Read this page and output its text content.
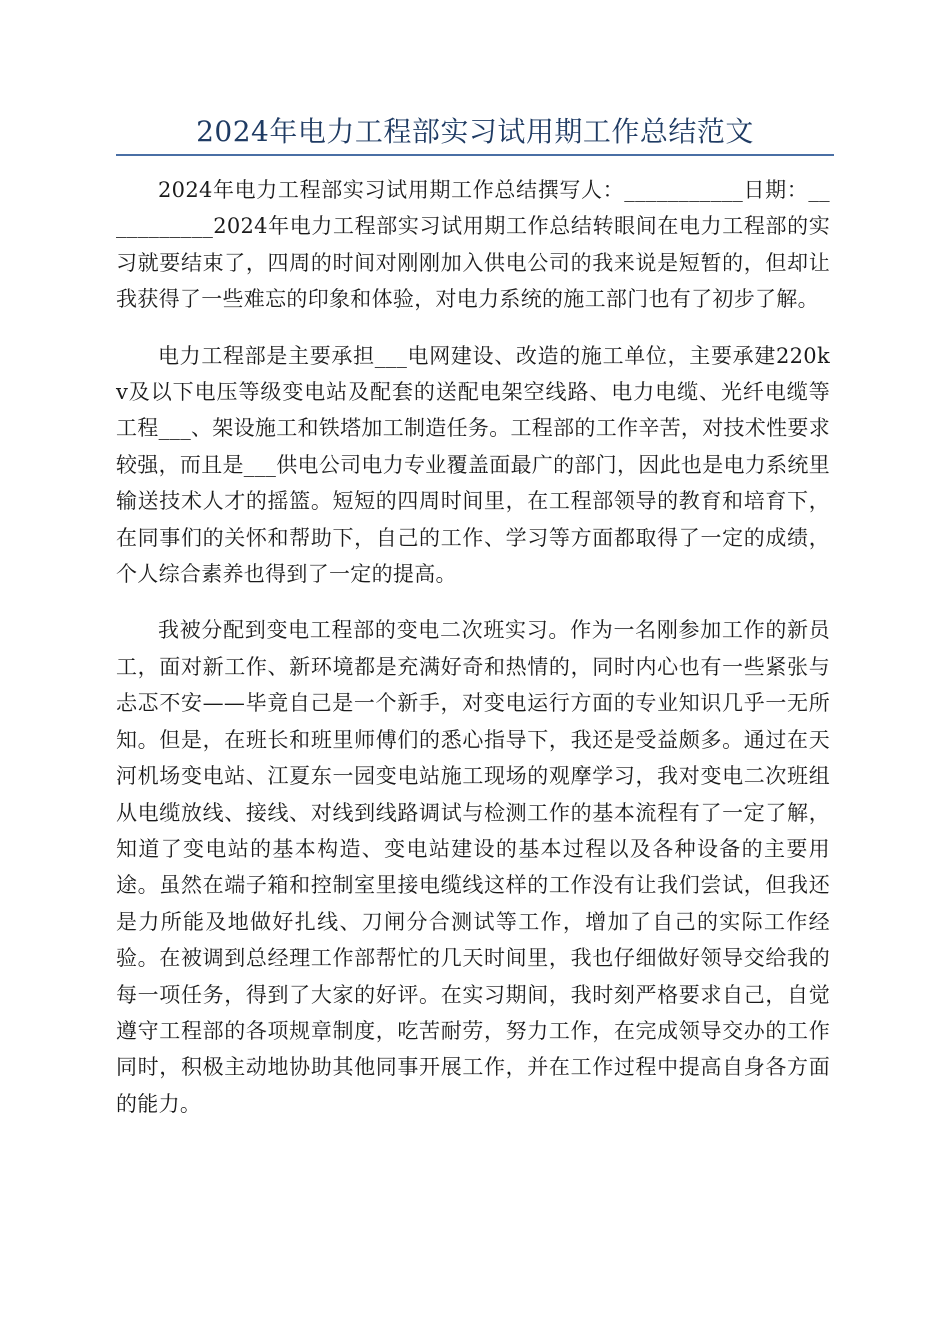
2024年电力工程部实习试用期工作总结范文

2024年电力工程部实习试用期工作总结撰写人：___________日期：___________2024年电力工程部实习试用期工作总结转眼间在电力工程部的实习就要结束了，四周的时间对刚刚加入供电公司的我来说是短暂的，但却让我获得了一些难忘的印象和体验，对电力系统的施工部门也有了初步了解。

电力工程部是主要承担___电网建设、改造的施工单位，主要承建220kv及以下电压等级变电站及配套的送配电架空线路、电力电缆、光纤电缆等工程___、架设施工和铁塔加工制造任务。工程部的工作辛苦，对技术性要求较强，而且是___供电公司电力专业覆盖面最广的部门，因此也是电力系统里输送技术人才的摇篮。短短的四周时间里，在工程部领导的教育和培育下，在同事们的关怀和帮助下，自己的工作、学习等方面都取得了一定的成绩，个人综合素养也得到了一定的提高。

我被分配到变电工程部的变电二次班实习。作为一名刚参加工作的新员工，面对新工作、新环境都是充满好奇和热情的，同时内心也有一些紧张与忐忑不安——毕竟自己是一个新手，对变电运行方面的专业知识几乎一无所知。但是，在班长和班里师傅们的悉心指导下，我还是受益颇多。通过在天河机场变电站、江夏东一园变电站施工现场的观摩学习，我对变电二次班组从电缆放线、接线、对线到线路调试与检测工作的基本流程有了一定了解，知道了变电站的基本构造、变电站建设的基本过程以及各种设备的主要用途。虽然在端子箱和控制室里接电缆线这样的工作没有让我们尝试，但我还是力所能及地做好扎线、刀闸分合测试等工作，增加了自己的实际工作经验。在被调到总经理工作部帮忙的几天时间里，我也仔细做好领导交给我的每一项任务，得到了大家的好评。在实习期间，我时刻严格要求自己，自觉遵守工程部的各项规章制度，吃苦耐劳，努力工作，在完成领导交办的工作同时，积极主动地协助其他同事开展工作，并在工作过程中提高自身各方面的能力。
